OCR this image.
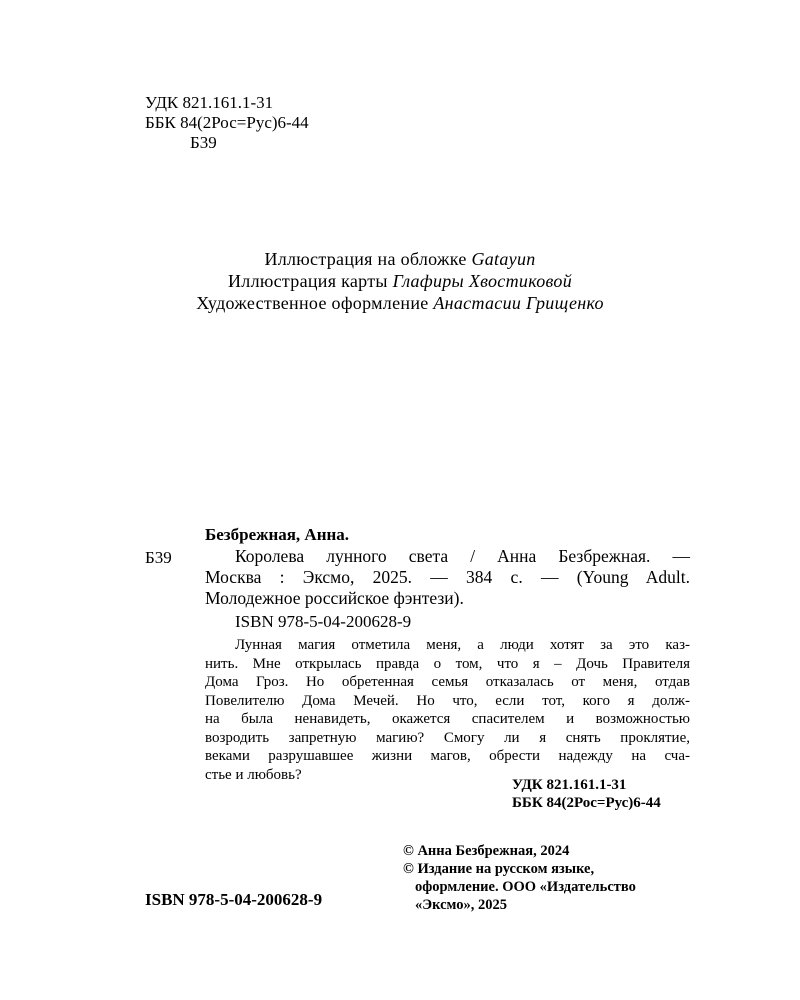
УДК 821.161.1-31
ББК 84(2Рос=Рус)6-44
Б39
Иллюстрация на обложке Gatayun
Иллюстрация карты Глафиры Хвостиковой
Художественное оформление Анастасии Грищенко
Безбрежная, Анна.
Б39	Королева лунного света / Анна Безбрежная. —
Москва : Эксмо, 2025. — 384 с. — (Young Adult.
Молодежное российское фэнтези).
ISBN 978-5-04-200628-9
Лунная магия отметила меня, а люди хотят за это каз-
нить. Мне открылась правда о том, что я – Дочь Правителя
Дома Гроз. Но обретенная семья отказалась от меня, отдав
Повелителю Дома Мечей. Но что, если тот, кого я долж-
на была ненавидеть, окажется спасителем и возможностью
возродить запретную магию? Смогу ли я снять проклятие,
веками разрушавшее жизни магов, обрести надежду на сча-
стье и любовь?
УДК 821.161.1-31
ББК 84(2Рос=Рус)6-44
© Анна Безбрежная, 2024
© Издание на русском языке,
оформление. ООО «Издательство
«Эксмо», 2025
ISBN 978-5-04-200628-9
